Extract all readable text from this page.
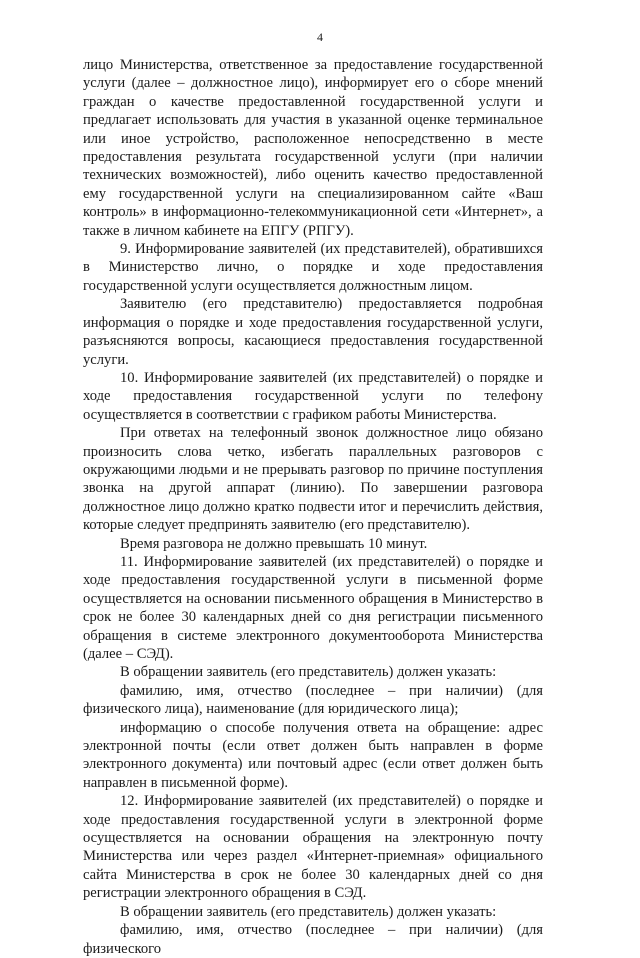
4

лицо Министерства, ответственное за предоставление государственной услуги (далее – должностное лицо), информирует его о сборе мнений граждан о качестве предоставленной государственной услуги и предлагает использовать для участия в указанной оценке терминальное или иное устройство, расположенное непосредственно в месте предоставления результата государственной услуги (при наличии технических возможностей), либо оценить качество предоставленной ему государственной услуги на специализированном сайте «Ваш контроль» в информационно-телекоммуникационной сети «Интернет», а также в личном кабинете на ЕПГУ (РПГУ).

9. Информирование заявителей (их представителей), обратившихся в Министерство лично, о порядке и ходе предоставления государственной услуги осуществляется должностным лицом.

Заявителю (его представителю) предоставляется подробная информация о порядке и ходе предоставления государственной услуги, разъясняются вопросы, касающиеся предоставления государственной услуги.

10. Информирование заявителей (их представителей) о порядке и ходе предоставления государственной услуги по телефону осуществляется в соответствии с графиком работы Министерства.

При ответах на телефонный звонок должностное лицо обязано произносить слова четко, избегать параллельных разговоров с окружающими людьми и не прерывать разговор по причине поступления звонка на другой аппарат (линию). По завершении разговора должностное лицо должно кратко подвести итог и перечислить действия, которые следует предпринять заявителю (его представителю).

Время разговора не должно превышать 10 минут.

11. Информирование заявителей (их представителей) о порядке и ходе предоставления государственной услуги в письменной форме осуществляется на основании письменного обращения в Министерство в срок не более 30 календарных дней со дня регистрации письменного обращения в системе электронного документооборота Министерства (далее – СЭД).

В обращении заявитель (его представитель) должен указать:

фамилию, имя, отчество (последнее – при наличии) (для физического лица), наименование (для юридического лица);

информацию о способе получения ответа на обращение: адрес электронной почты (если ответ должен быть направлен в форме электронного документа) или почтовый адрес (если ответ должен быть направлен в письменной форме).

12. Информирование заявителей (их представителей) о порядке и ходе предоставления государственной услуги в электронной форме осуществляется на основании обращения на электронную почту Министерства или через раздел «Интернет-приемная» официального сайта Министерства в срок не более 30 календарных дней со дня регистрации электронного обращения в СЭД.

В обращении заявитель (его представитель) должен указать:

фамилию, имя, отчество (последнее – при наличии) (для физического
